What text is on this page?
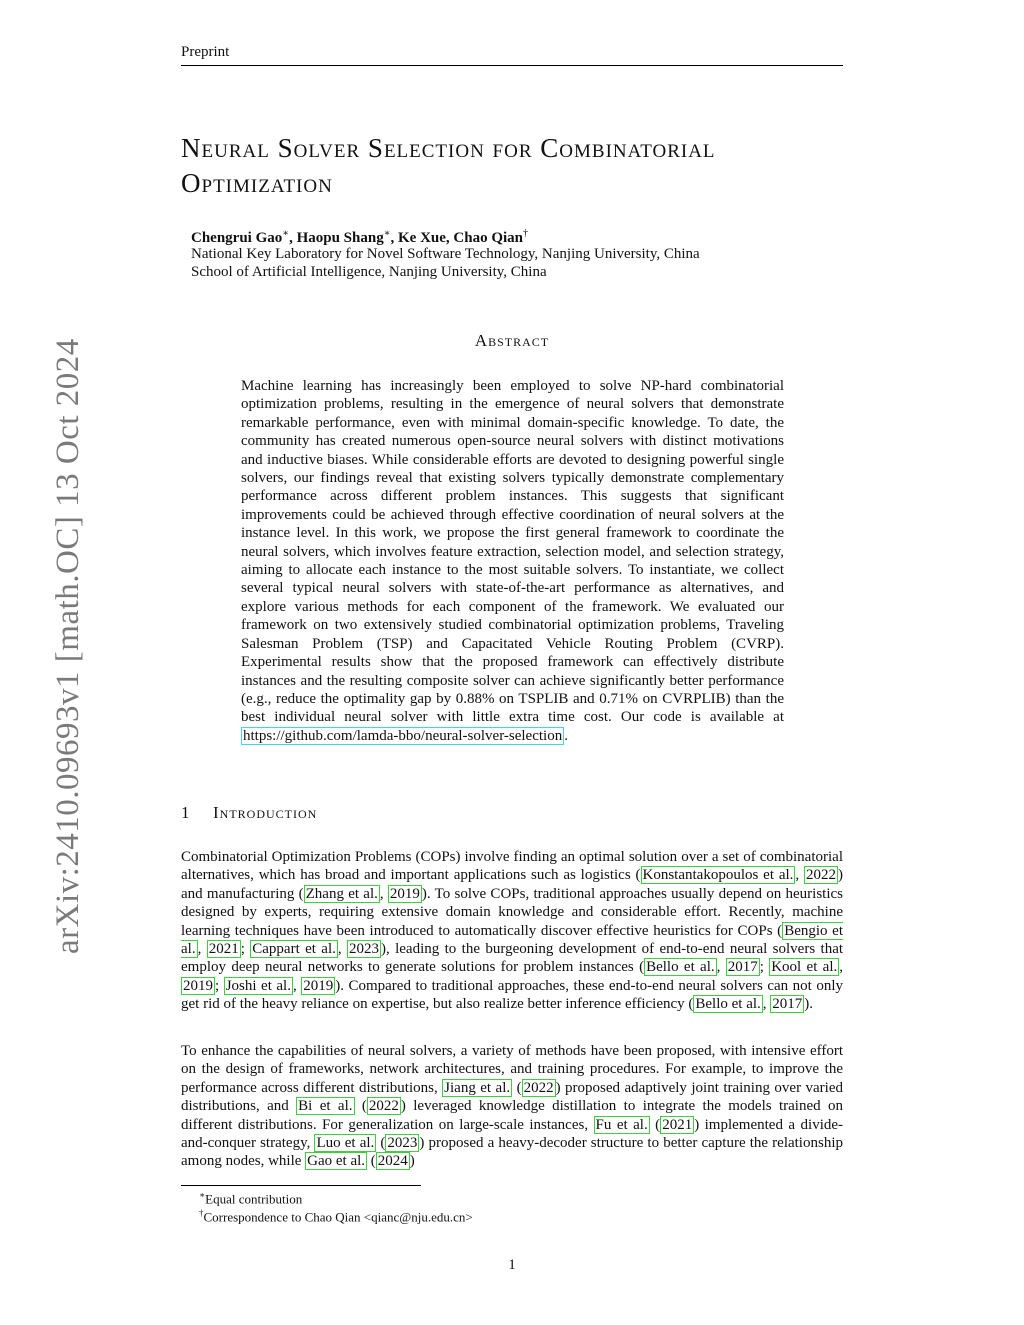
Preprint
arXiv:2410.09693v1 [math.OC] 13 Oct 2024
Neural Solver Selection for Combinatorial Optimization
Chengrui Gao∗, Haopu Shang∗, Ke Xue, Chao Qian†
National Key Laboratory for Novel Software Technology, Nanjing University, China
School of Artificial Intelligence, Nanjing University, China
Abstract
Machine learning has increasingly been employed to solve NP-hard combinatorial optimization problems, resulting in the emergence of neural solvers that demonstrate remarkable performance, even with minimal domain-specific knowledge. To date, the community has created numerous open-source neural solvers with distinct motivations and inductive biases. While considerable efforts are devoted to designing powerful single solvers, our findings reveal that existing solvers typically demonstrate complementary performance across different problem instances. This suggests that significant improvements could be achieved through effective coordination of neural solvers at the instance level. In this work, we propose the first general framework to coordinate the neural solvers, which involves feature extraction, selection model, and selection strategy, aiming to allocate each instance to the most suitable solvers. To instantiate, we collect several typical neural solvers with state-of-the-art performance as alternatives, and explore various methods for each component of the framework. We evaluated our framework on two extensively studied combinatorial optimization problems, Traveling Salesman Problem (TSP) and Capacitated Vehicle Routing Problem (CVRP). Experimental results show that the proposed framework can effectively distribute instances and the resulting composite solver can achieve significantly better performance (e.g., reduce the optimality gap by 0.88% on TSPLIB and 0.71% on CVRPLIB) than the best individual neural solver with little extra time cost. Our code is available at https://github.com/lamda-bbo/neural-solver-selection .
1 Introduction
Combinatorial Optimization Problems (COPs) involve finding an optimal solution over a set of combinatorial alternatives, which has broad and important applications such as logistics ( Konstantakopoulos et al. , 2022 ) and manufacturing ( Zhang et al. , 2019 ). To solve COPs, traditional approaches usually depend on heuristics designed by experts, requiring extensive domain knowledge and considerable effort. Recently, machine learning techniques have been introduced to automatically discover effective heuristics for COPs ( Bengio et al. , 2021 ; Cappart et al. , 2023 ), leading to the burgeoning development of end-to-end neural solvers that employ deep neural networks to generate solutions for problem instances ( Bello et al. , 2017 ; Kool et al. , 2019 ; Joshi et al. , 2019 ). Compared to traditional approaches, these end-to-end neural solvers can not only get rid of the heavy reliance on expertise, but also realize better inference efficiency ( Bello et al. , 2017 ).
To enhance the capabilities of neural solvers, a variety of methods have been proposed, with intensive effort on the design of frameworks, network architectures, and training procedures. For example, to improve the performance across different distributions, Jiang et al. ( 2022 ) proposed adaptively joint training over varied distributions, and Bi et al. ( 2022 ) leveraged knowledge distillation to integrate the models trained on different distributions. For generalization on large-scale instances, Fu et al. ( 2021 ) implemented a divide-and-conquer strategy, Luo et al. ( 2023 ) proposed a heavy-decoder structure to better capture the relationship among nodes, while Gao et al. ( 2024 )
∗Equal contribution
†Correspondence to Chao Qian <qianc@nju.edu.cn>
1
